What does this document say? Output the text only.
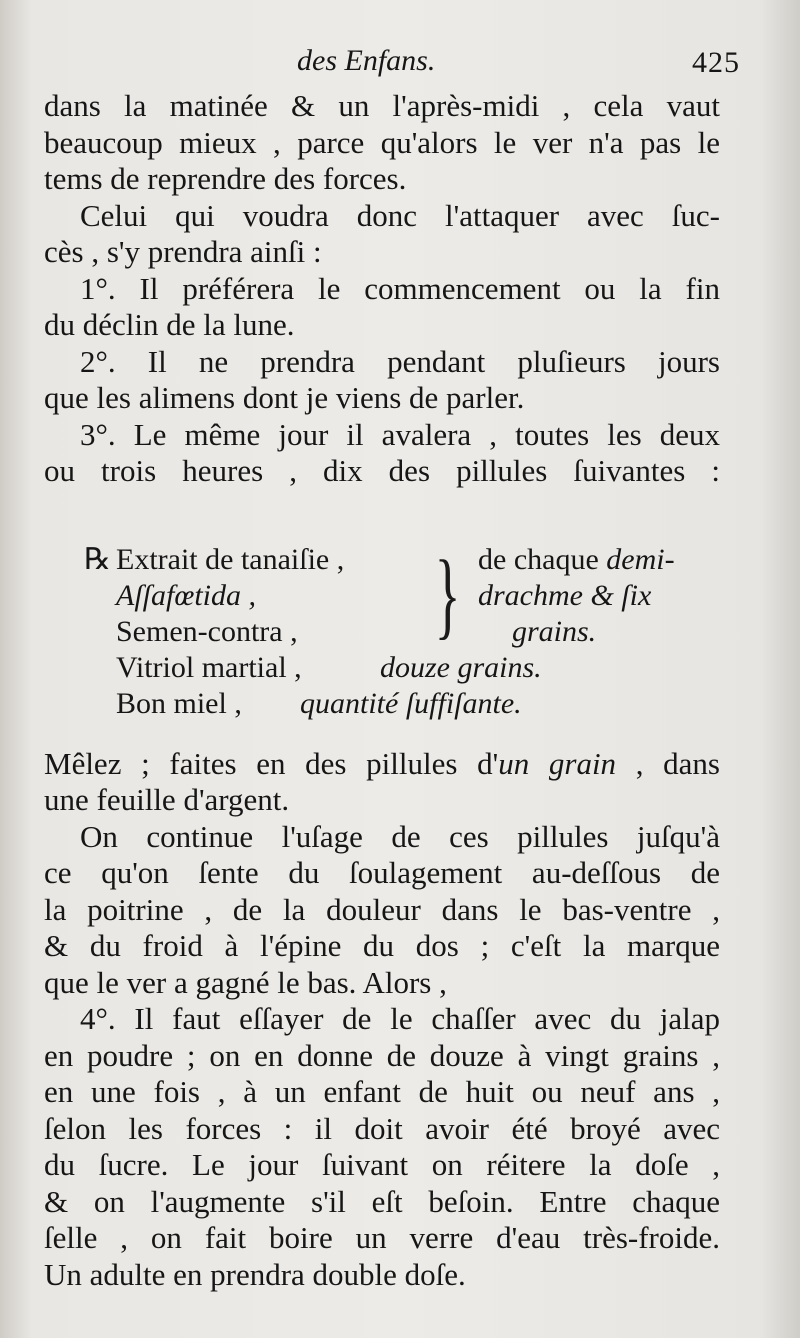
des Enfans.	425
dans la matinée & un l'après-midi , cela vaut
beaucoup mieux , parce qu'alors le ver n'a pas le
tems de reprendre des forces.
Celui qui voudra donc l'attaquer avec ſuc-
cès , s'y prendra ainſi :
1°. Il préférera le commencement ou la fin
du déclin de la lune.
2°. Il ne prendra pendant pluſieurs jours
que les alimens dont je viens de parler.
3°. Le même jour il avalera , toutes les deux
ou trois heures , dix des pillules ſuivantes :
℞ Extrait de tanaiſie ,
Aſſafœtida ,
Semen-contra ,
Vitriol martial ,	douze grains.
Bon miel , quantité ſuffiſante.
} de chaque demi-
drachme & ſix
grains.
Mêlez ; faites en des pillules d'un grain , dans
une feuille d'argent.
On continue l'uſage de ces pillules juſqu'à
ce qu'on ſente du ſoulagement au-deſſous de
la poitrine , de la douleur dans le bas-ventre ,
& du froid à l'épine du dos ; c'eſt la marque
que le ver a gagné le bas. Alors ,
4°. Il faut eſſayer de le chaſſer avec du jalap
en poudre ; on en donne de douze à vingt grains ,
en une fois , à un enfant de huit ou neuf ans ,
ſelon les forces : il doit avoir été broyé avec
du ſucre. Le jour ſuivant on réitere la doſe ,
& on l'augmente s'il eſt beſoin. Entre chaque
ſelle , on fait boire un verre d'eau très-froide.
Un adulte en prendra double doſe.
